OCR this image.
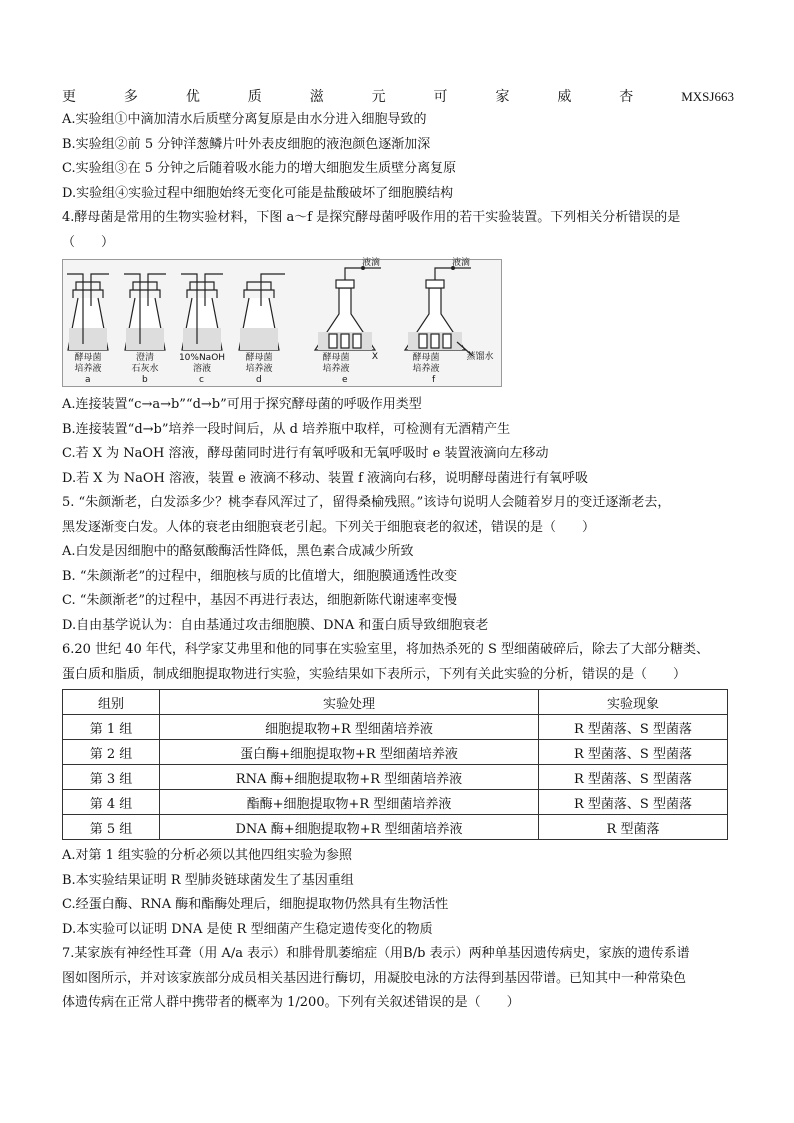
更	多	优	质	滋	元	可	家	威	杏	MXSJ663
A.实验组①中滴加清水后质壁分离复原是由水分进入细胞导致的
B.实验组②前 5 分钟洋葱鳞片叶外表皮细胞的液泡颜色逐渐加深
C.实验组③在 5 分钟之后随着吸水能力的增大细胞发生质壁分离复原
D.实验组④实验过程中细胞始终无变化可能是盐酸破坏了细胞膜结构
4.酵母菌是常用的生物实验材料，下图 a～f 是探究酵母菌呼吸作用的若干实验装置。下列相关分析错误的是
（　　）
液滴	液滴
X	蒸馏水
酵母菌
培养液
澄清
石灰水
10%NaOH
溶液
酵母菌
培养液
酵母菌
培养液
酵母菌
培养液
a	b	c	d	e	f
A.连接装置“c→a→b”“d→b”可用于探究酵母菌的呼吸作用类型
B.连接装置“d→b”培养一段时间后，从 d 培养瓶中取样，可检测有无酒精产生
C.若 X 为 NaOH 溶液，酵母菌同时进行有氧呼吸和无氧呼吸时 e 装置液滴向左移动
D.若 X 为 NaOH 溶液，装置 e 液滴不移动、装置 f 液滴向右移，说明酵母菌进行有氧呼吸
5. “朱颜渐老，白发添多少？桃李春风浑过了，留得桑榆残照。”该诗句说明人会随着岁月的变迁逐渐老去，
黑发逐渐变白发。人体的衰老由细胞衰老引起。下列关于细胞衰老的叙述，错误的是（　　）
A.白发是因细胞中的酪氨酸酶活性降低，黑色素合成减少所致
B. “朱颜渐老”的过程中，细胞核与质的比值增大，细胞膜通透性改变
C. “朱颜渐老”的过程中，基因不再进行表达，细胞新陈代谢速率变慢
D.自由基学说认为：自由基通过攻击细胞膜、DNA 和蛋白质导致细胞衰老
6.20 世纪 40 年代，科学家艾弗里和他的同事在实验室里，将加热杀死的 S 型细菌破碎后，除去了大部分糖类、
蛋白质和脂质，制成细胞提取物进行实验，实验结果如下表所示，下列有关此实验的分析，错误的是（　　）
组别	实验处理	实验现象
第 1 组	细胞提取物+R 型细菌培养液	R 型菌落、S 型菌落
第 2 组	蛋白酶+细胞提取物+R 型细菌培养液	R 型菌落、S 型菌落
第 3 组	RNA 酶+细胞提取物+R 型细菌培养液	R 型菌落、S 型菌落
第 4 组	酯酶+细胞提取物+R 型细菌培养液	R 型菌落、S 型菌落
第 5 组	DNA 酶+细胞提取物+R 型细菌培养液	R 型菌落
A.对第 1 组实验的分析必须以其他四组实验为参照
B.本实验结果证明 R 型肺炎链球菌发生了基因重组
C.经蛋白酶、RNA 酶和酯酶处理后，细胞提取物仍然具有生物活性
D.本实验可以证明 DNA 是使 R 型细菌产生稳定遗传变化的物质
7.某家族有神经性耳聋（用 A/a 表示）和腓骨肌萎缩症（用B/b 表示）两种单基因遗传病史，家族的遗传系谱
图如图所示，并对该家族部分成员相关基因进行酶切，用凝胶电泳的方法得到基因带谱。已知其中一种常染色
体遗传病在正常人群中携带者的概率为 1/200。下列有关叙述错误的是（　　）
